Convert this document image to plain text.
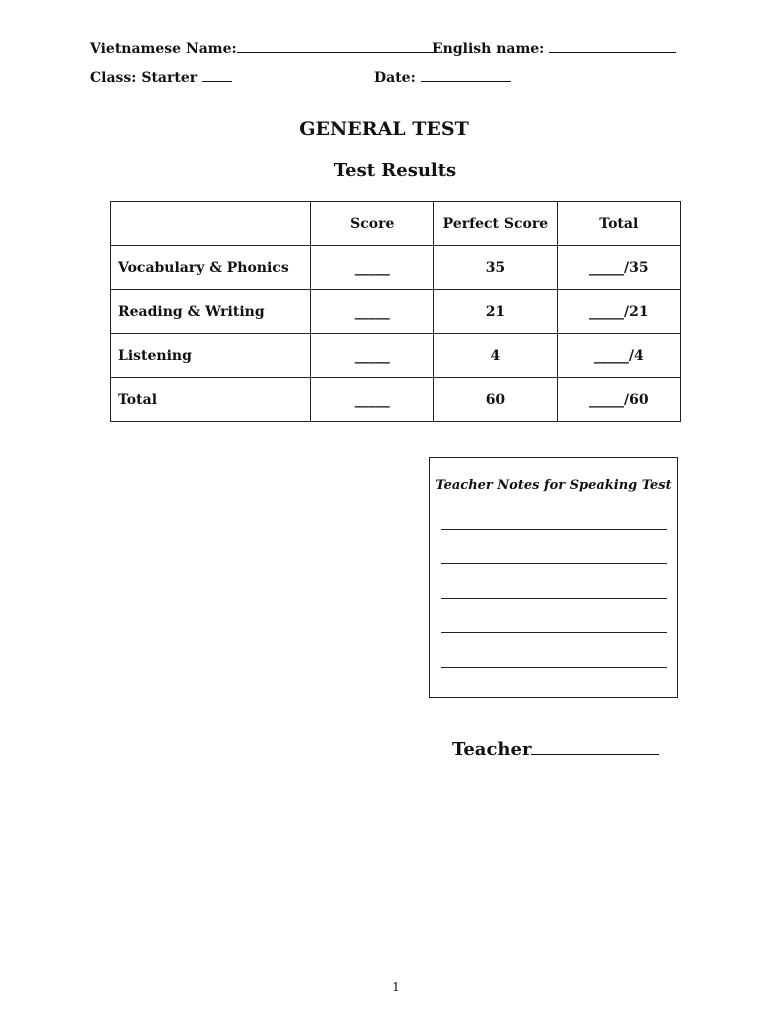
Vietnamese Name:	English name:
Class: Starter	Date:
GENERAL TEST
Test Results
	Score	Perfect Score	Total
Vocabulary & Phonics	_____	35	_____/35
Reading & Writing	_____	21	_____/21
Listening	_____	4	_____/4
Total	_____	60	_____/60
Teacher Notes for Speaking Test
Teacher
1
